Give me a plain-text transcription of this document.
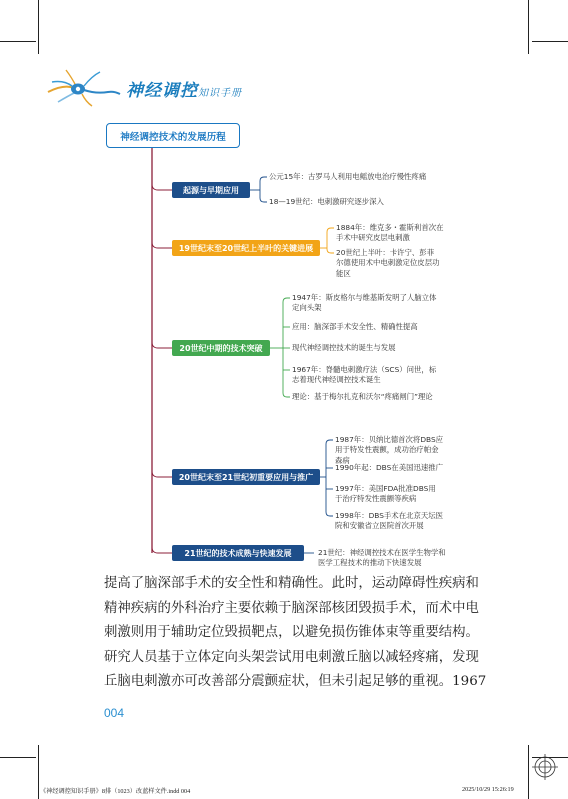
神经调控知识手册
神经调控技术的发展历程
起源与早期应用
公元15年：古罗马人利用电鳐放电治疗慢性疼痛
18—19世纪：电刺激研究逐步深入
19世纪末至20世纪上半叶的关键进展
1884年：维克多・霍斯利首次在
手术中研究皮层电刺激
20世纪上半叶：卡许宁、彭菲
尔德使用术中电刺激定位皮层功
能区
20世纪中期的技术突破
1947年：斯皮格尔与维基斯发明了人脑立体
定向头架
应用：脑深部手术安全性、精确性提高
现代神经调控技术的诞生与发展
1967年：脊髓电刺激疗法（SCS）问世，标
志着现代神经调控技术诞生
理论：基于梅尔扎克和沃尔“疼痛闸门”理论
20世纪末至21世纪初重要应用与推广
1987年：贝纳比德首次将DBS应
用于特发性震颤，成功治疗帕金
森病
1990年起：DBS在美国迅速推广
1997年：美国FDA批准DBS用
于治疗特发性震颤等疾病
1998年：DBS手术在北京天坛医
院和安徽省立医院首次开展
21世纪的技术成熟与快速发展	21世纪：神经调控技术在医学生物学和
医学工程技术的推动下快速发展

提高了脑深部手术的安全性和精确性。此时，运动障碍性疾病和

精神疾病的外科治疗主要依赖于脑深部核团毁损手术，而术中电

刺激则用于辅助定位毁损靶点，以避免损伤锥体束等重要结构。

研究人员基于立体定向头架尝试用电刺激丘脑以减轻疼痛，发现

丘脑电刺激亦可改善部分震颤症状，但未引起足够的重视。1967

004
《神经调控知识手册》8排（1023）改蓝样文件.indd 004	2025/10/29 15:26:19
